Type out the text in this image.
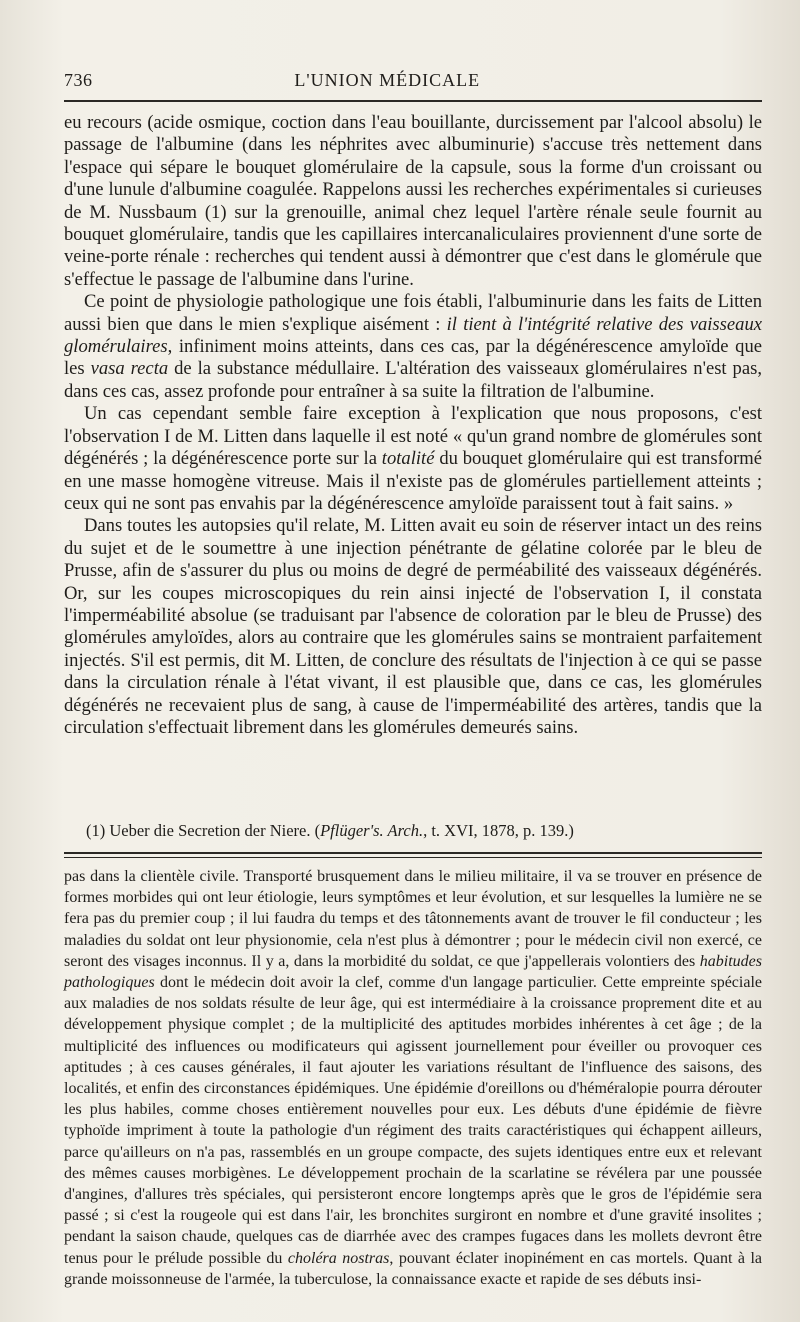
736	L'UNION MÉDICALE

eu recours (acide osmique, coction dans l'eau bouillante, durcissement par l'alcool absolu) le passage de l'albumine (dans les néphrites avec albuminurie) s'accuse très nettement dans l'espace qui sépare le bouquet glomérulaire de la capsule, sous la forme d'un croissant ou d'une lunule d'albumine coagulée. Rappelons aussi les recherches expérimentales si curieuses de M. Nussbaum (1) sur la grenouille, animal chez lequel l'artère rénale seule fournit au bouquet glomérulaire, tandis que les capillaires intercanaliculaires proviennent d'une sorte de veine-porte rénale : recherches qui tendent aussi à démontrer que c'est dans le glomérule que s'effectue le passage de l'albumine dans l'urine.

Ce point de physiologie pathologique une fois établi, l'albuminurie dans les faits de Litten aussi bien que dans le mien s'explique aisément : il tient à l'intégrité relative des vaisseaux glomérulaires, infiniment moins atteints, dans ces cas, par la dégénérescence amyloïde que les vasa recta de la substance médullaire. L'altération des vaisseaux glomérulaires n'est pas, dans ces cas, assez profonde pour entraîner à sa suite la filtration de l'albumine.

Un cas cependant semble faire exception à l'explication que nous proposons, c'est l'observation I de M. Litten dans laquelle il est noté « qu'un grand nombre de glomérules sont dégénérés ; la dégénérescence porte sur la totalité du bouquet glomérulaire qui est transformé en une masse homogène vitreuse. Mais il n'existe pas de glomérules partiellement atteints ; ceux qui ne sont pas envahis par la dégénérescence amyloïde paraissent tout à fait sains. »

Dans toutes les autopsies qu'il relate, M. Litten avait eu soin de réserver intact un des reins du sujet et de le soumettre à une injection pénétrante de gélatine colorée par le bleu de Prusse, afin de s'assurer du plus ou moins de degré de perméabilité des vaisseaux dégénérés. Or, sur les coupes microscopiques du rein ainsi injecté de l'observation I, il constata l'imperméabilité absolue (se traduisant par l'absence de coloration par le bleu de Prusse) des glomérules amyloïdes, alors au contraire que les glomérules sains se montraient parfaitement injectés. S'il est permis, dit M. Litten, de conclure des résultats de l'injection à ce qui se passe dans la circulation rénale à l'état vivant, il est plausible que, dans ce cas, les glomérules dégénérés ne recevaient plus de sang, à cause de l'imperméabilité des artères, tandis que la circulation s'effectuait librement dans les glomérules demeurés sains.

(1) Ueber die Secretion der Niere. (Pflüger's. Arch., t. XVI, 1878, p. 139.)

pas dans la clientèle civile. Transporté brusquement dans le milieu militaire, il va se trouver en présence de formes morbides qui ont leur étiologie, leurs symptômes et leur évolution, et sur lesquelles la lumière ne se fera pas du premier coup ; il lui faudra du temps et des tâtonnements avant de trouver le fil conducteur ; les maladies du soldat ont leur physionomie, cela n'est plus à démontrer ; pour le médecin civil non exercé, ce seront des visages inconnus. Il y a, dans la morbidité du soldat, ce que j'appellerais volontiers des habitudes pathologiques dont le médecin doit avoir la clef, comme d'un langage particulier. Cette empreinte spéciale aux maladies de nos soldats résulte de leur âge, qui est intermédiaire à la croissance proprement dite et au développement physique complet ; de la multiplicité des aptitudes morbides inhérentes à cet âge ; de la multiplicité des influences ou modificateurs qui agissent journellement pour éveiller ou provoquer ces aptitudes ; à ces causes générales, il faut ajouter les variations résultant de l'influence des saisons, des localités, et enfin des circonstances épidémiques. Une épidémie d'oreillons ou d'héméralopie pourra dérouter les plus habiles, comme choses entièrement nouvelles pour eux. Les débuts d'une épidémie de fièvre typhoïde impriment à toute la pathologie d'un régiment des traits caractéristiques qui échappent ailleurs, parce qu'ailleurs on n'a pas, rassemblés en un groupe compacte, des sujets identiques entre eux et relevant des mêmes causes morbigènes. Le développement prochain de la scarlatine se révélera par une poussée d'angines, d'allures très spéciales, qui persisteront encore longtemps après que le gros de l'épidémie sera passé ; si c'est la rougeole qui est dans l'air, les bronchites surgiront en nombre et d'une gravité insolites ; pendant la saison chaude, quelques cas de diarrhée avec des crampes fugaces dans les mollets devront être tenus pour le prélude possible du choléra nostras, pouvant éclater inopinément en cas mortels. Quant à la grande moissonneuse de l'armée, la tuberculose, la connaissance exacte et rapide de ses débuts insi-
